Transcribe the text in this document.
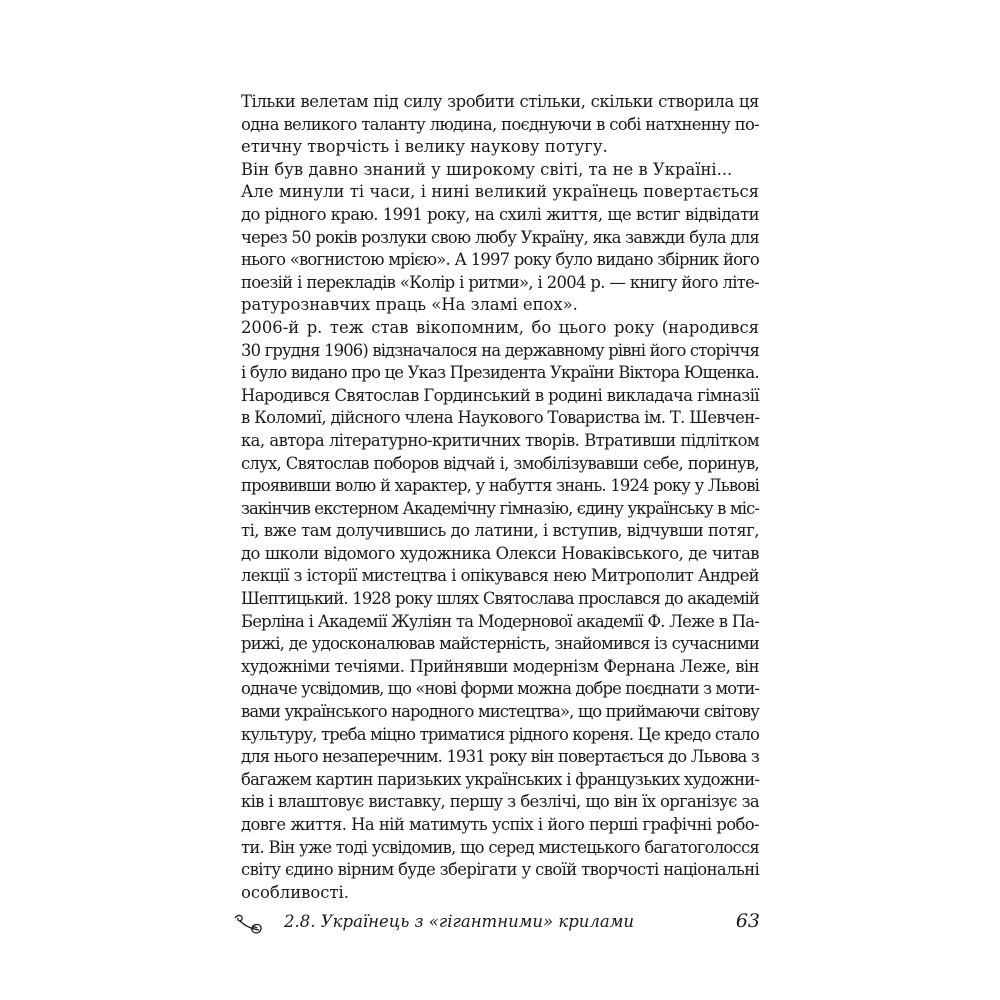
Тільки велетам під силу зробити стільки, скільки створила ця
одна великого таланту людина, поєднуючи в собі натхненну по-
етичну творчість і велику наукову потугу.
Він був давно знаний у широкому світі, та не в Україні...
Але минули ті часи, і нині великий українець повертається
до рідного краю. 1991 року, на схилі життя, ще встиг відвідати
через 50 років розлуки свою любу Україну, яка завжди була для
нього «вогнистою мрією». А 1997 року було видано збірник його
поезій і перекладів «Колір і ритми», і 2004 р. — книгу його літе-
ратурознавчих праць «На зламі епох».
2006-й р. теж став вікопомним, бо цього року (народився
30 грудня 1906) відзначалося на державному рівні його сторіччя
і було видано про це Указ Президента України Віктора Ющенка.
Народився Святослав Гординський в родині викладача гімназії
в Коломиї, дійсного члена Наукового Товариства ім. Т. Шевчен-
ка, автора літературно-критичних творів. Втративши підлітком
слух, Святослав поборов відчай і, змобілізувавши себе, поринув,
проявивши волю й характер, у набуття знань. 1924 року у Львові
закінчив екстерном Академічну гімназію, єдину українську в міс-
ті, вже там долучившись до латини, і вступив, відчувши потяг,
до школи відомого художника Олекси Новаківського, де читав
лекції з історії мистецтва і опікувався нею Митрополит Андрей
Шептицький. 1928 року шлях Святослава прослався до академій
Берліна і Академії Жуліян та Модернової академії Ф. Леже в Па-
рижі, де удосконалював майстерність, знайомився із сучасними
художніми течіями. Прийнявши модернізм Фернана Леже, він
одначе усвідомив, що «нові форми можна добре поєднати з моти-
вами українського народного мистецтва», що приймаючи світову
культуру, треба міцно триматися рідного кореня. Це кредо стало
для нього незаперечним. 1931 року він повертається до Львова з
багажем картин паризьких українських і французьких художни-
ків і влаштовує виставку, першу з безлічі, що він їх організує за
довге життя. На ній матимуть успіх і його перші графічні робо-
ти. Він уже тоді усвідомив, що серед мистецького багатоголосся
світу єдино вірним буде зберігати у своїй творчості національні
особливості.
2.8. Українець з «гігантними» крилами	63
